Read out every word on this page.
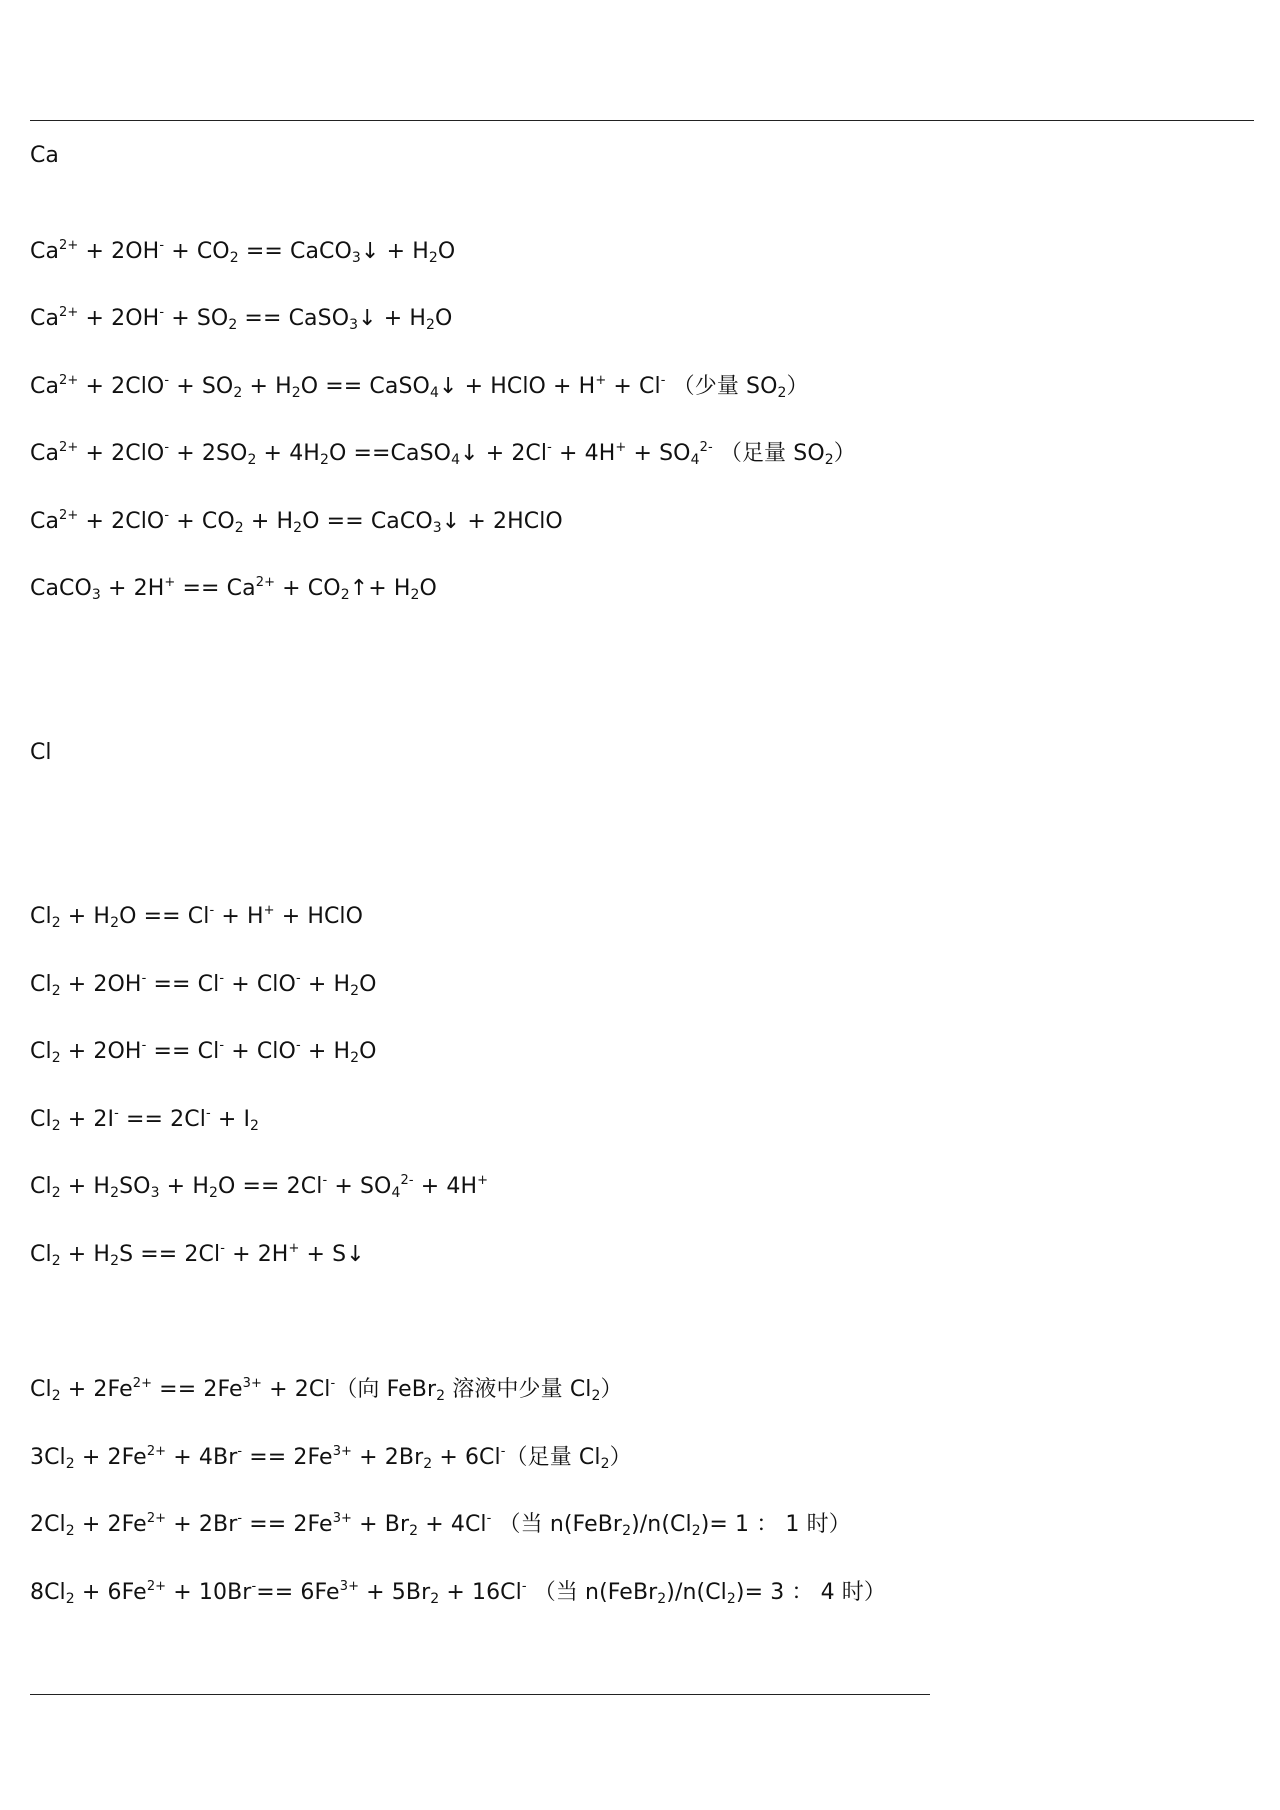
Ca
$Ca^{2+} + 2OH^- + CO_2$ == CaCO$_3$↓ + $H_2O$
$Ca^{2+} + 2OH^- + SO_2$ == CaSO$_3$↓ + $H_2O$
$Ca^{2+} + 2ClO^- + SO_2 + H_2O$ == CaSO$_4$↓ + HClO + H+ + Cl- （少量 $SO_2$）
$Ca^{2+} + 2ClO^- + 2SO_2 + 4H_2O$ ==CaSO$_4$↓ + $2Cl^- + 4H^+ + SO_4^{2-}$ （足量 $SO_2$）
$Ca^{2+} + 2ClO^- + CO_2 + H_2O$ == CaCO$_3$↓ + 2HClO
CaCO$_3$ + $2H^+ == Ca^{2+}$ + $CO_2↑+ H_2O$
Cl
$Cl_2 + H_2O == Cl^- + H^+$ + HClO
$Cl_2 + 2OH^- == Cl^- + ClO^- + H_2O$
$Cl_2 + 2OH^- == Cl^- + ClO^- + H_2O$
$Cl_2 + 2I^- == 2Cl^- + I_2$
$Cl_2 + H_2SO_3 + H_2O == 2Cl^- + SO_4^{2-} + 4H^+$
$Cl_2 + H_2S == 2Cl^- + 2H^+$ + S↓
$Cl_2 + 2Fe^{2+} == 2Fe^{3+} + 2Cl^-$（向 FeBr$_2$ 溶液中少量 $Cl_2$）
$3Cl_2 + 2Fe^{2+} + 4Br^- == 2Fe^{3+} + 2Br_2 + 6Cl^-$（足量 $Cl_2$）
$2Cl_2 + 2Fe^{2+} + 2Br^- == 2Fe^{3+} + Br_2 + 4Cl^-$ （当 $n(FeBr_2)/n(Cl_2)= 1$ ： 1 时）
$8Cl_2 + 6Fe^{2+} + 10Br^-== 6Fe^{3+} + 5Br_2 + 16Cl^-$ （当 $n(FeBr_2)/n(Cl_2)= 3$ ： 4 时）
